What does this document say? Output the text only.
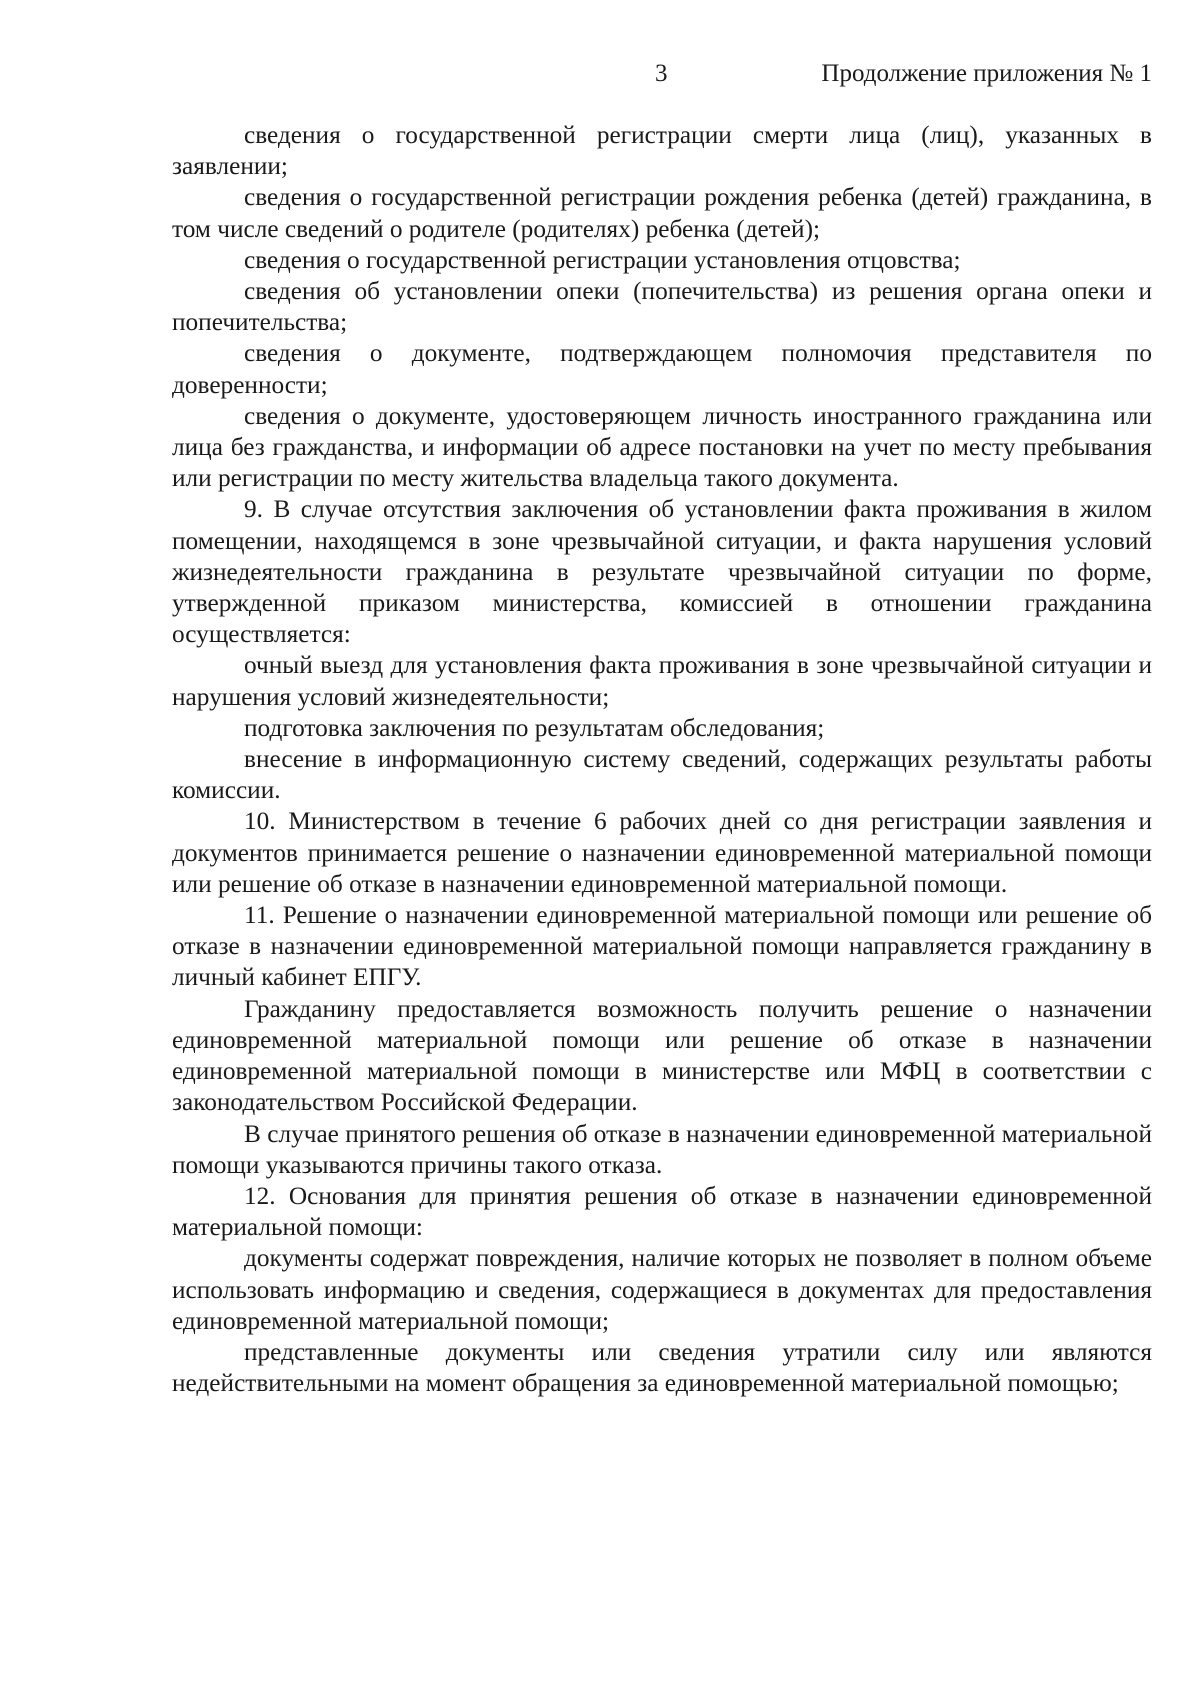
3	Продолжение приложения № 1

сведения о государственной регистрации смерти лица (лиц), указанных в заявлении;

сведения о государственной регистрации рождения ребенка (детей) гражданина, в том числе сведений о родителе (родителях) ребенка (детей);

сведения о государственной регистрации установления отцовства;

сведения об установлении опеки (попечительства) из решения органа опеки и попечительства;

сведения о документе, подтверждающем полномочия представителя по доверенности;

сведения о документе, удостоверяющем личность иностранного гражданина или лица без гражданства, и информации об адресе постановки на учет по месту пребывания или регистрации по месту жительства владельца такого документа.

9. В случае отсутствия заключения об установлении факта проживания в жилом помещении, находящемся в зоне чрезвычайной ситуации, и факта нарушения условий жизнедеятельности гражданина в результате чрезвычайной ситуации по форме, утвержденной приказом министерства, комиссией в отношении гражданина осуществляется:

очный выезд для установления факта проживания в зоне чрезвычайной ситуации и нарушения условий жизнедеятельности;

подготовка заключения по результатам обследования;

внесение в информационную систему сведений, содержащих результаты работы комиссии.

10. Министерством в течение 6 рабочих дней со дня регистрации заявления и документов принимается решение о назначении единовременной материальной помощи или решение об отказе в назначении единовременной материальной помощи.

11. Решение о назначении единовременной материальной помощи или решение об отказе в назначении единовременной материальной помощи направляется гражданину в личный кабинет ЕПГУ.

Гражданину предоставляется возможность получить решение о назначении единовременной материальной помощи или решение об отказе в назначении единовременной материальной помощи в министерстве или МФЦ в соответствии с законодательством Российской Федерации.

В случае принятого решения об отказе в назначении единовременной материальной помощи указываются причины такого отказа.

12. Основания для принятия решения об отказе в назначении единовременной материальной помощи:

документы содержат повреждения, наличие которых не позволяет в полном объеме использовать информацию и сведения, содержащиеся в документах для предоставления единовременной материальной помощи;

представленные документы или сведения утратили силу или являются недействительными на момент обращения за единовременной материальной помощью;
